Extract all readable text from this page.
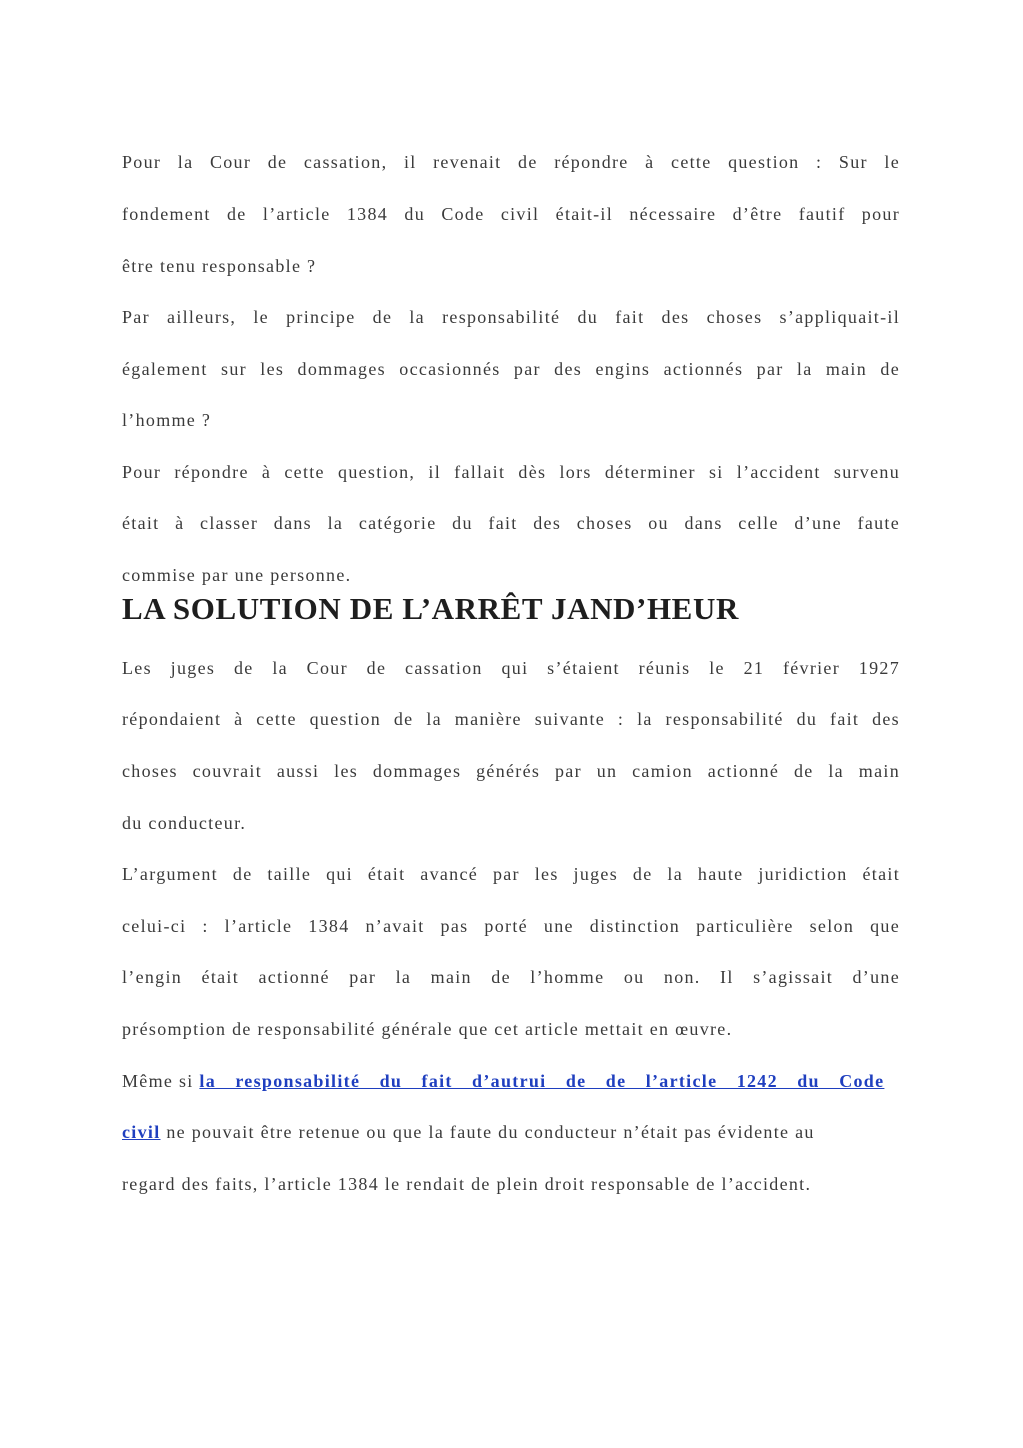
Pour la Cour de cassation, il revenait de répondre à cette question : Sur le
fondement de l’article 1384 du Code civil était-il nécessaire d’être fautif pour
être tenu responsable ?
Par ailleurs, le principe de la responsabilité du fait des choses s’appliquait-il
également sur les dommages occasionnés par des engins actionnés par la main de
l’homme ?
Pour répondre à cette question, il fallait dès lors déterminer si l’accident survenu
était à classer dans la catégorie du fait des choses ou dans celle d’une faute
commise par une personne.
LA SOLUTION DE L’ARRÊT JAND’HEUR
Les juges de la Cour de cassation qui s’étaient réunis le 21 février 1927
répondaient à cette question de la manière suivante : la responsabilité du fait des
choses couvrait aussi les dommages générés par un camion actionné de la main
du conducteur.
L’argument de taille qui était avancé par les juges de la haute juridiction était
celui-ci : l’article 1384 n’avait pas porté une distinction particulière selon que
l’engin était actionné par la main de l’homme ou non. Il s’agissait d’une
présomption de responsabilité générale que cet article mettait en œuvre.
Même si la responsabilité du fait d’autrui de de l’article 1242 du Code
civil ne pouvait être retenue ou que la faute du conducteur n’était pas évidente au
regard des faits, l’article 1384 le rendait de plein droit responsable de l’accident.
